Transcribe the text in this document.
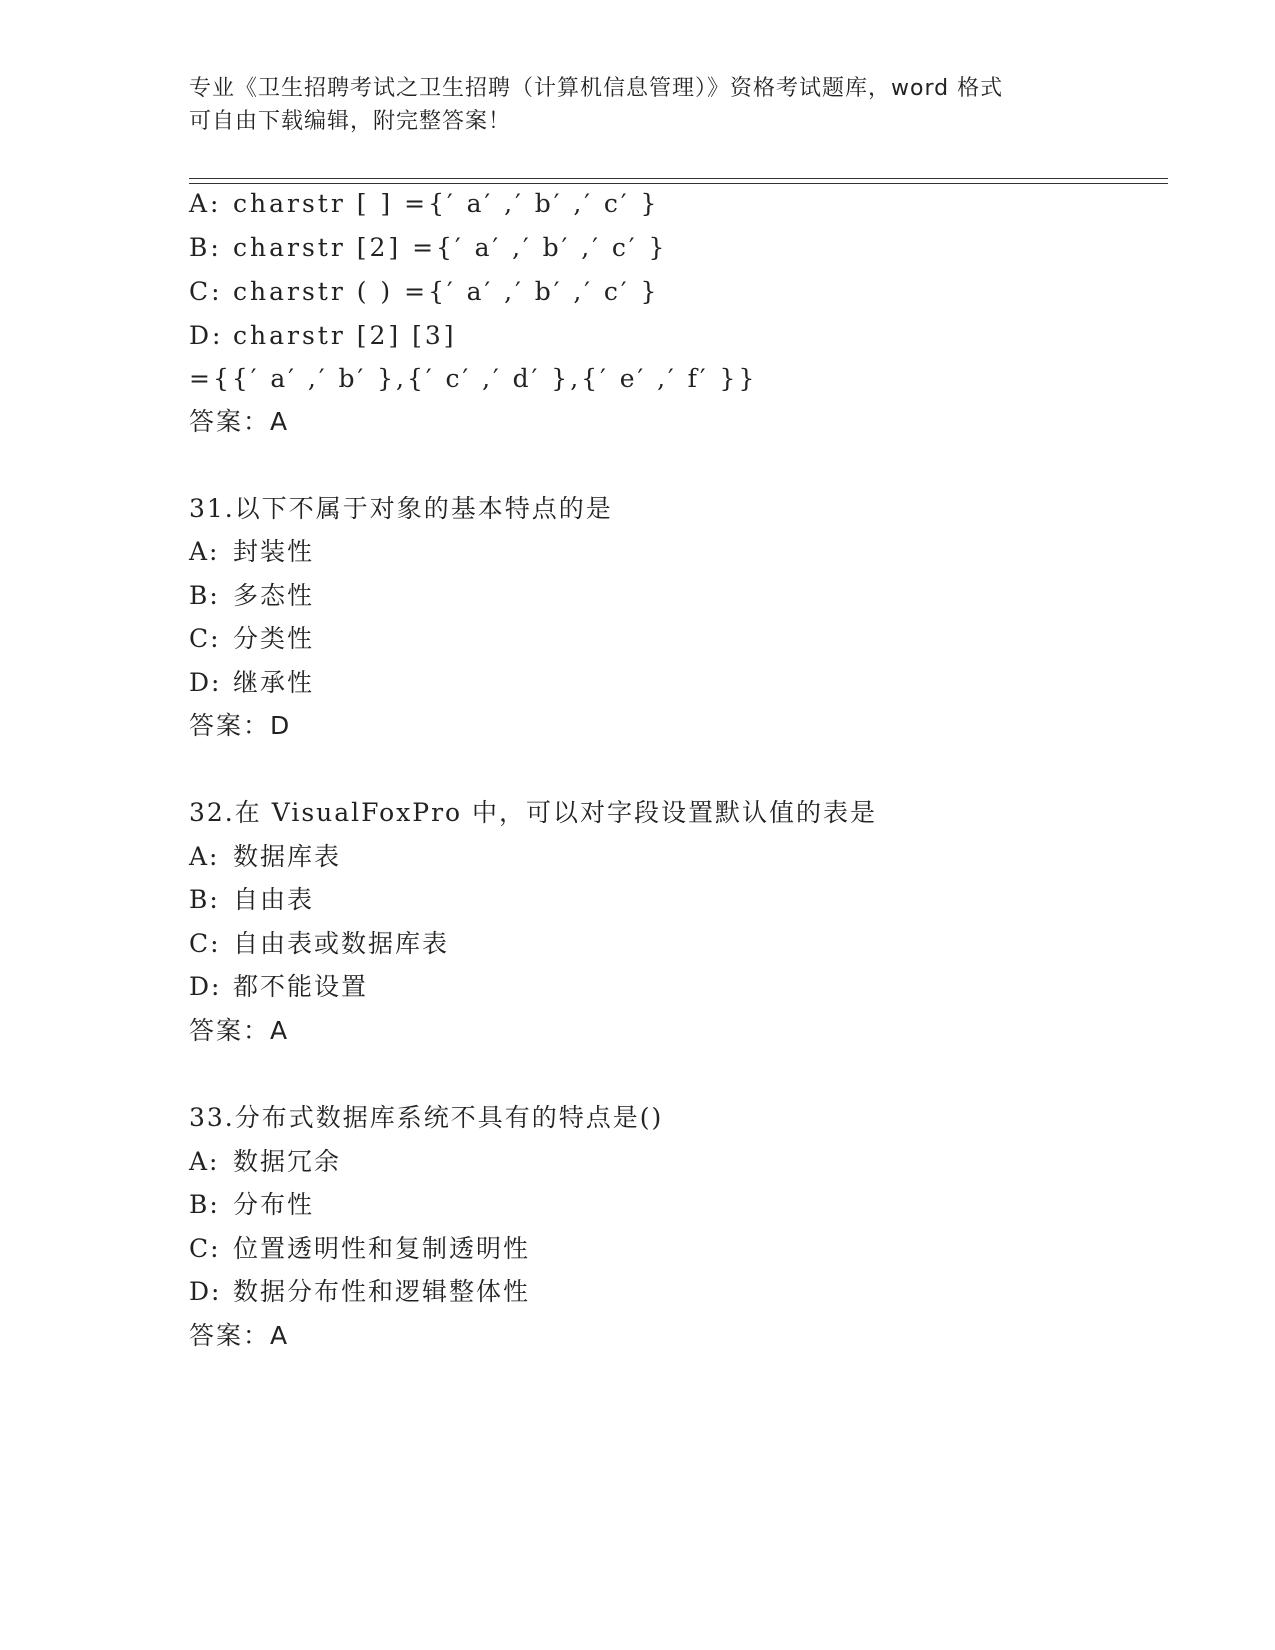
专业《卫生招聘考试之卫生招聘（计算机信息管理）》资格考试题库，word 格式
可自由下载编辑，附完整答案！
A: charstr [ ] ={′ a′ ,′ b′ ,′ c′ }
B: charstr [2] ={′ a′ ,′ b′ ,′ c′ }
C: charstr ( ) ={′ a′ ,′ b′ ,′ c′ }
D: charstr [2] [3]
={{′ a′ ,′ b′ },{′ c′ ,′ d′ },{′ e′ ,′ f′ }}
答案：A
31.以下不属于对象的基本特点的是
A: 封装性
B: 多态性
C: 分类性
D: 继承性
答案：D
32.在 VisualFoxPro 中，可以对字段设置默认值的表是
A: 数据库表
B: 自由表
C: 自由表或数据库表
D: 都不能设置
答案：A
33.分布式数据库系统不具有的特点是()
A: 数据冗余
B: 分布性
C: 位置透明性和复制透明性
D: 数据分布性和逻辑整体性
答案：A
